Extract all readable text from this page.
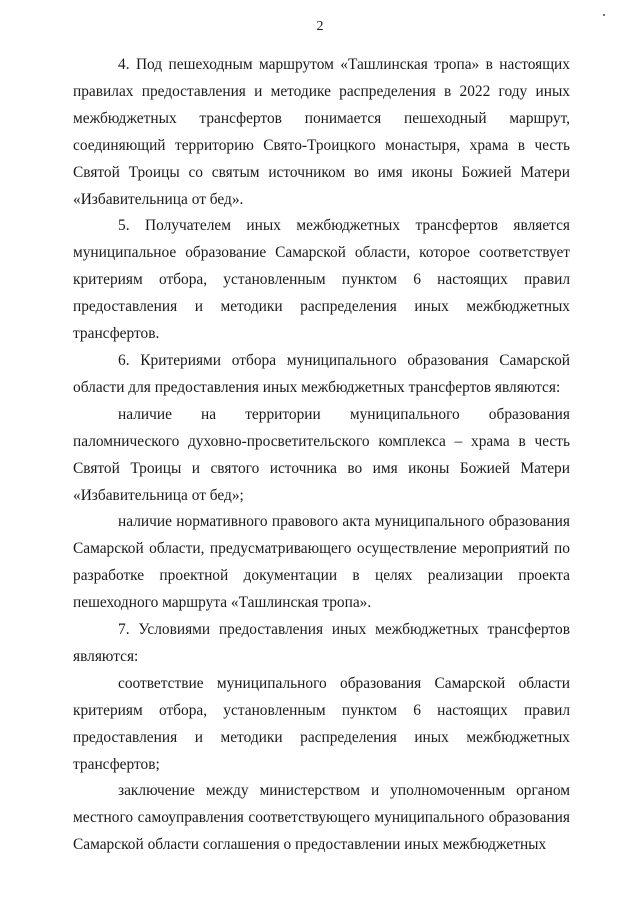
2

4. Под пешеходным маршрутом «Ташлинская тропа» в настоящих правилах предоставления и методике распределения в 2022 году иных межбюджетных трансфертов понимается пешеходный маршрут, соединяющий территорию Свято-Троицкого монастыря, храма в честь Святой Троицы со святым источником во имя иконы Божией Матери «Избавительница от бед».

5. Получателем иных межбюджетных трансфертов является муниципальное образование Самарской области, которое соответствует критериям отбора, установленным пунктом 6 настоящих правил предоставления и методики распределения иных межбюджетных трансфертов.

6. Критериями отбора муниципального образования Самарской области для предоставления иных межбюджетных трансфертов являются:

наличие на территории муниципального образования паломнического духовно-просветительского комплекса – храма в честь Святой Троицы и святого источника во имя иконы Божией Матери «Избавительница от бед»;

наличие нормативного правового акта муниципального образования Самарской области, предусматривающего осуществление мероприятий по разработке проектной документации в целях реализации проекта пешеходного маршрута «Ташлинская тропа».

7. Условиями предоставления иных межбюджетных трансфертов являются:

соответствие муниципального образования Самарской области критериям отбора, установленным пунктом 6 настоящих правил предоставления и методики распределения иных межбюджетных трансфертов;

заключение между министерством и уполномоченным органом местного самоуправления соответствующего муниципального образования Самарской области соглашения о предоставлении иных межбюджетных
